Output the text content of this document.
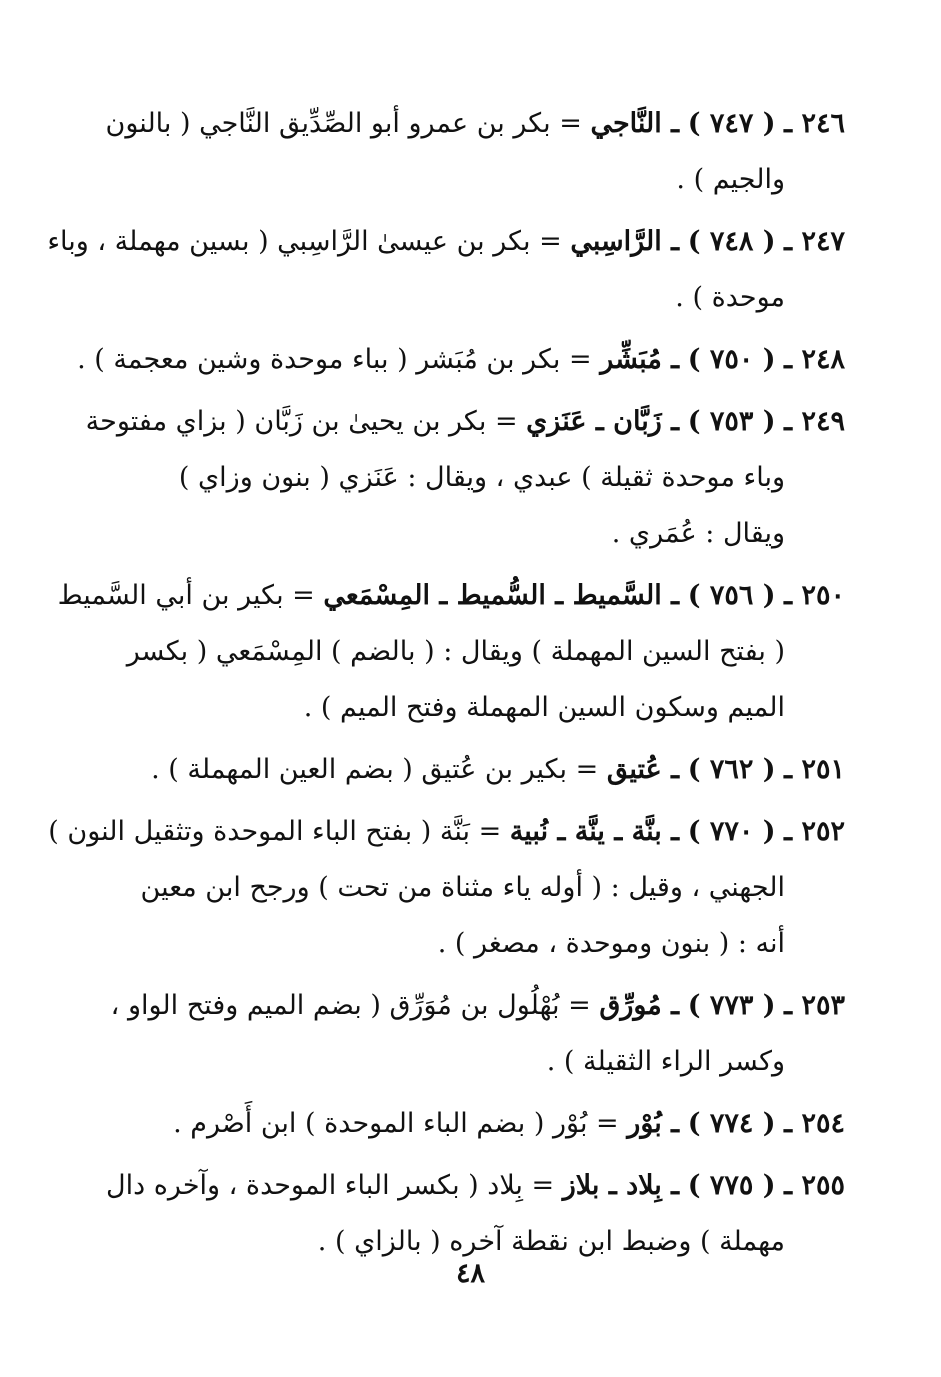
٢٤٦ ـ ( ٧٤٧ ) ـ النَّاجي = بكر بن عمرو أبو الصِّدِّيق النَّاجي ( بالنون
والجيم ) .
٢٤٧ ـ ( ٧٤٨ ) ـ الرَّاسِبي = بكر بن عيسىٰ الرَّاسِبي ( بسين مهملة ، وباء
موحدة ) .
٢٤٨ ـ ( ٧٥٠ ) ـ مُبَشِّر = بكر بن مُبَشر ( بباء موحدة وشين معجمة ) .
٢٤٩ ـ ( ٧٥٣ ) ـ زَبَّان ـ عَنَزي = بكر بن يحيىٰ بن زَبَّان ( بزاي مفتوحة
وباء موحدة ثقيلة ) عبدي ، ويقال : عَنَزي ( بنون وزاي )
ويقال : عُمَري .
٢٥٠ ـ ( ٧٥٦ ) ـ السَّميط ـ السُّميط ـ المِسْمَعي = بكير بن أبي السَّميط
( بفتح السين المهملة ) ويقال : ( بالضم ) المِسْمَعي ( بكسر
الميم وسكون السين المهملة وفتح الميم ) .
٢٥١ ـ ( ٧٦٢ ) ـ عُتيق = بكير بن عُتيق ( بضم العين المهملة ) .
٢٥٢ ـ ( ٧٧٠ ) ـ بنَّة ـ ينَّة ـ نُبية = بَنَّة ( بفتح الباء الموحدة وتثقيل النون )
الجهني ، وقيل : ( أوله ياء مثناة من تحت ) ورجح ابن معين
أنه : ( بنون وموحدة ، مصغر ) .
٢٥٣ ـ ( ٧٧٣ ) ـ مُورِّق = بُهْلُول بن مُوَرِّق ( بضم الميم وفتح الواو ،
وكسر الراء الثقيلة ) .
٢٥٤ ـ ( ٧٧٤ ) ـ بُوْر = بُوْر ( بضم الباء الموحدة ) ابن أَصْرم .
٢٥٥ ـ ( ٧٧٥ ) ـ بِلاد ـ بلاز = بِلاد ( بكسر الباء الموحدة ، وآخره دال
مهملة ) وضبط ابن نقطة آخره ( بالزاي ) .
٤٨
